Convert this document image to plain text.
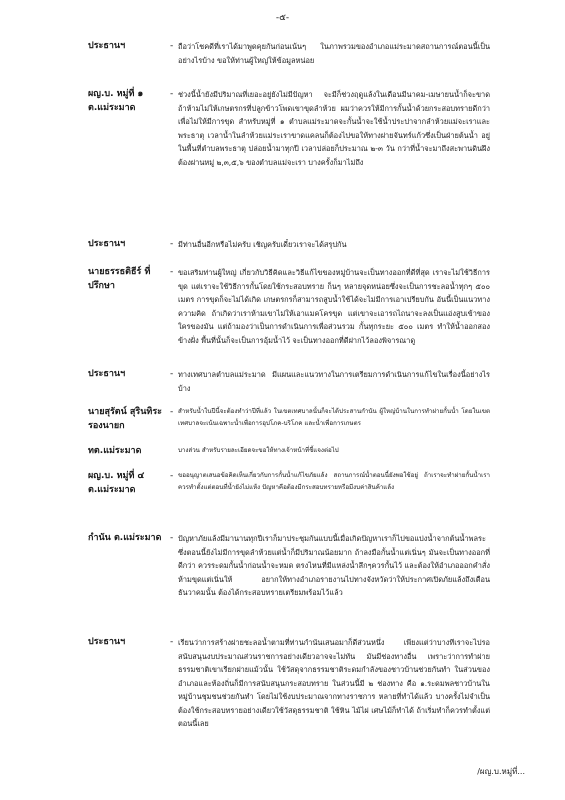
-๕-
ประธานฯ	- ถือว่าโชคดีที่เราได้มาพูดคุยกันก่อนเน้นๆ ในภาพรวมของอำเภอแม่ระมาดสถานการณ์ตอนนี้เป็นอย่างไรบ้าง ขอให้ท่านผู้ใหญ่ให้ข้อมูลหน่อย
ผญ.บ. หมู่ที่ ๑ ต.แม่ระมาด
- ช่วงนี้น้ำยังมีปริมาณที่เยอะอยู่ยังไม่มีปัญหา จะมีก็ช่วงฤดูแล้งในเดือนมีนาคม-เมษายนน้ำก็จะขาด ถ้าห้ามไม่ให้เกษตรกรที่ปลูกข้าวโพดเขาขุดลำห้วย ผมว่าควรให้มีการกั้นน้ำด้วยกระสอบทรายดีกว่า เพื่อไม่ให้มีการขุด สำหรับหมู่ที่ ๑ ตำบลแม่ระมาดจะกั้นน้ำจะใช้น้ำประปาจากลำห้วยแม่จะเราและพระธาตุ เวลาน้ำในลำห้วยแม่ระเราขาดแคลนก็ต้องไปขอให้ทางฝายจันทร์แก้วซึ่งเป็นฝ่ายต้นน้ำ อยู่ในพื้นที่ตำบลพระธาตุ ปล่อยน้ำมาทุกปี เวลาปล่อยก็ประมาณ ๒-๓ วัน กว่าที่น้ำจะมาถึงสะพานดินฝึง ต้องผ่านหมู่ ๒,๓,๕,๖ ของตำบลแม่จะเรา บางครั้งก็มาไม่ถึง
ประธานฯ	- มีท่านอื่นอีกหรือไม่ครับ เชิญครับเดี๋ยวเราจะได้สรุปกัน
นายธรรธติธีร์ ที่ปรึกษา
- ขอเสริมท่านผู้ใหญ่ เกี่ยวกับวิธีคิดและวิธีแก้ไขของหมู่บ้านจะเป็นทางออกที่ดีที่สุด เราจะไม่ใช้วิธีการขุด แต่เราจะใช้วิธีการกั้นโดยใช้กระสอบทราย ก็นๆ หลายจุดหน่อยซึ่งจะเป็นการชะลอน้ำทุกๆ ๕๐๐ เมตร การขุดก็จะไม่ได้เกิด เกษตรกรก็สามารถสูบน้ำใช้ได้จะไม่มีการเอาเปรียบกัน อันนี้เป็นแนวทางความคิด ถ้าเกิดว่าเราห้ามเขาไม่ให้เอาแมคโครขุด แต่เขาจะเอารถไถนาจะลงเป็นแอ่งสูบเข้าของใครของมัน แต่ถ้ามองว่าเป็นการดำเนินการเพื่อส่วนรวม กั้นทุกระยะ ๕๐๐ เมตร ทำให้น้ำออกสองข้างฝั่ง พื้นที่นั้นก็จะเป็นการอุ้มน้ำไว้ จะเป็นทางออกที่ดีฝากไว้ลองพิจารณาดู
ประธานฯ	- ทางเทศบาลตำบลแม่ระมาด มีแผนและแนวทางในการเตรียมการดำเนินการแก้ไขในเรื่องนี้อย่างไรบ้าง
นายสุรัตน์ สุรินทิระ รองนายก
- สำหรับน้ำในปีนี้จะต้องทำว่าปีที่แล้ว ในเขตเทศบาลนั้นก็จะได้ประสานกำนัน ผู้ใหญ่บ้านในการทำฝายกั้นน้ำ โดยในเขตเทศบาลจะเน้นเฉพาะน้ำเพื่อการอุปโภค-บริโภค และน้ำเพื่อการเกษตร
ทต.แม่ระมาด	บางส่วน สำหรับรายละเอียดจะขอให้ทางเจ้าหน้าที่ชี้แจงต่อไป
ผญ.บ. หมู่ที่ ๔ ต.แม่ระมาด
- ขออนุญาตเสนอข้อคิดเห็นเกี่ยวกับการกั้นน้ำแก้ไขภัยแล้ง สถานการณ์น้ำตอนนี้ยังพอใช้อยู่ ถ้าเราจะทำฝายกั้นน้ำเราควรทำตั้งแต่ตอนที่น้ำยังไม่แห้ง ปัญหาคือต้องมีกระสอบทรายหรือมีงบค่าสินค้าแล้ง
กำนัน ต.แม่ระมาด - ปัญหาภัยแล้งมีมานานทุกปีเราก็มาประชุมกันแบบนี้เมื่อเกิดปัญหาเราก็ไปขอแบ่งน้ำจากต้นน้ำพลระ ซึ่งตอนนี้ยังไม่มีการขุดลำห้วยแต่น้ำก็มีปริมาณน้อยมาก ถ้าลงมือกั้นน้ำแต่เนิ่นๆ มันจะเป็นทางออกที่ดีกว่า ควรระดมกั้นน้ำก่อนน้ำจะหมด ตรงไหนที่มีแหล่งน้ำลึกๆควรกั้นไว้ และต้องให้อำเภอออกคำสั่งห้ามขุดแต่เนิ่นให้ อยากให้ทางอำเภอรายงานไปทางจังหวัดว่าให้ประกาศเปิดภัยแล้งถึงเดือนธันวาคมนั้น ต้องได้กระสอบทรายเตรียมพร้อมไว้แล้ว
ประธานฯ	- เรียนว่าการสร้างฝายชะลอน้ำตามที่ท่านกำนันเสนอมาก็ดีส่วนหนึ่ง เพียงแต่ว่าบางทีเราจะไปรอสนับสนุนงบประมาณส่วนราชการอย่างเดียวอาจจะไม่ทัน มันมีช่องทางอื่น เพราะว่าการทำฝายธรรมชาติเขาเรียกฝายแม้วนั้น ใช้วัสดุจากธรรมชาติระดมกำลังของชาวบ้านช่วยกันทำ ในส่วนของอำเภอและท้องถิ่นก็มีการสนับสนุนกระสอบทราย ในส่วนนี้มี ๒ ช่องทาง คือ ๑.ระดมพลชาวบ้านในหมู่บ้านชุมชนช่วยกันทำ โดยไม่ใช้งบประมาณจากทางราชการ หลายที่ทำได้แล้ว บางครั้งไม่จำเป็นต้องใช้กระสอบทรายอย่างเดียวใช้วัสดุธรรมชาติ ใช้หิน ไม้ไผ่ เศษไม้ก็ทำได้ ถ้าเริ่มทำก็ควรทำตั้งแต่ตอนนี้เลย
/ผญ.บ.หมู่ที่...
